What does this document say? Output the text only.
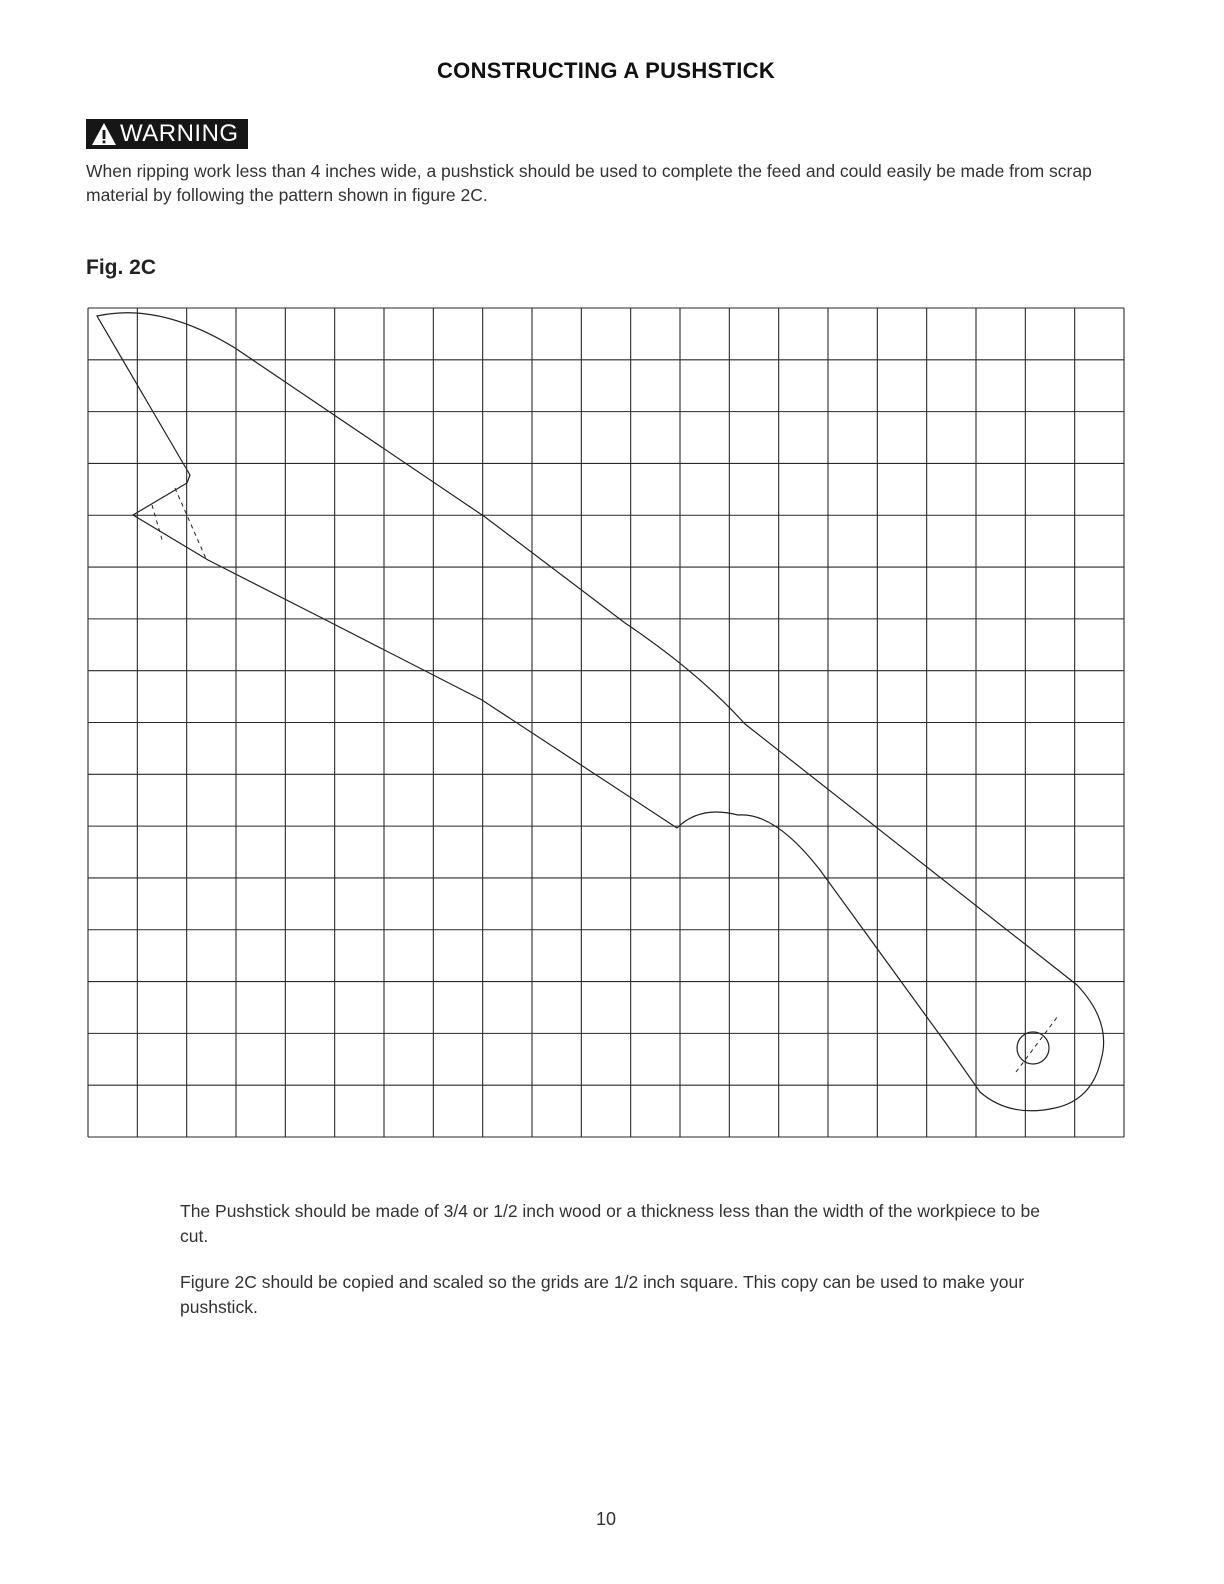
CONSTRUCTING A PUSHSTICK
WARNING
When ripping work less than 4 inches wide, a pushstick should be used to complete the feed and could easily be made from scrap material by following the pattern shown in figure 2C.
Fig. 2C
The Pushstick should be made of 3/4 or 1/2 inch wood or a thickness less than the width of the workpiece to be cut.
Figure 2C should be copied and scaled so the grids are 1/2 inch square. This copy can be used to make your pushstick.
10
